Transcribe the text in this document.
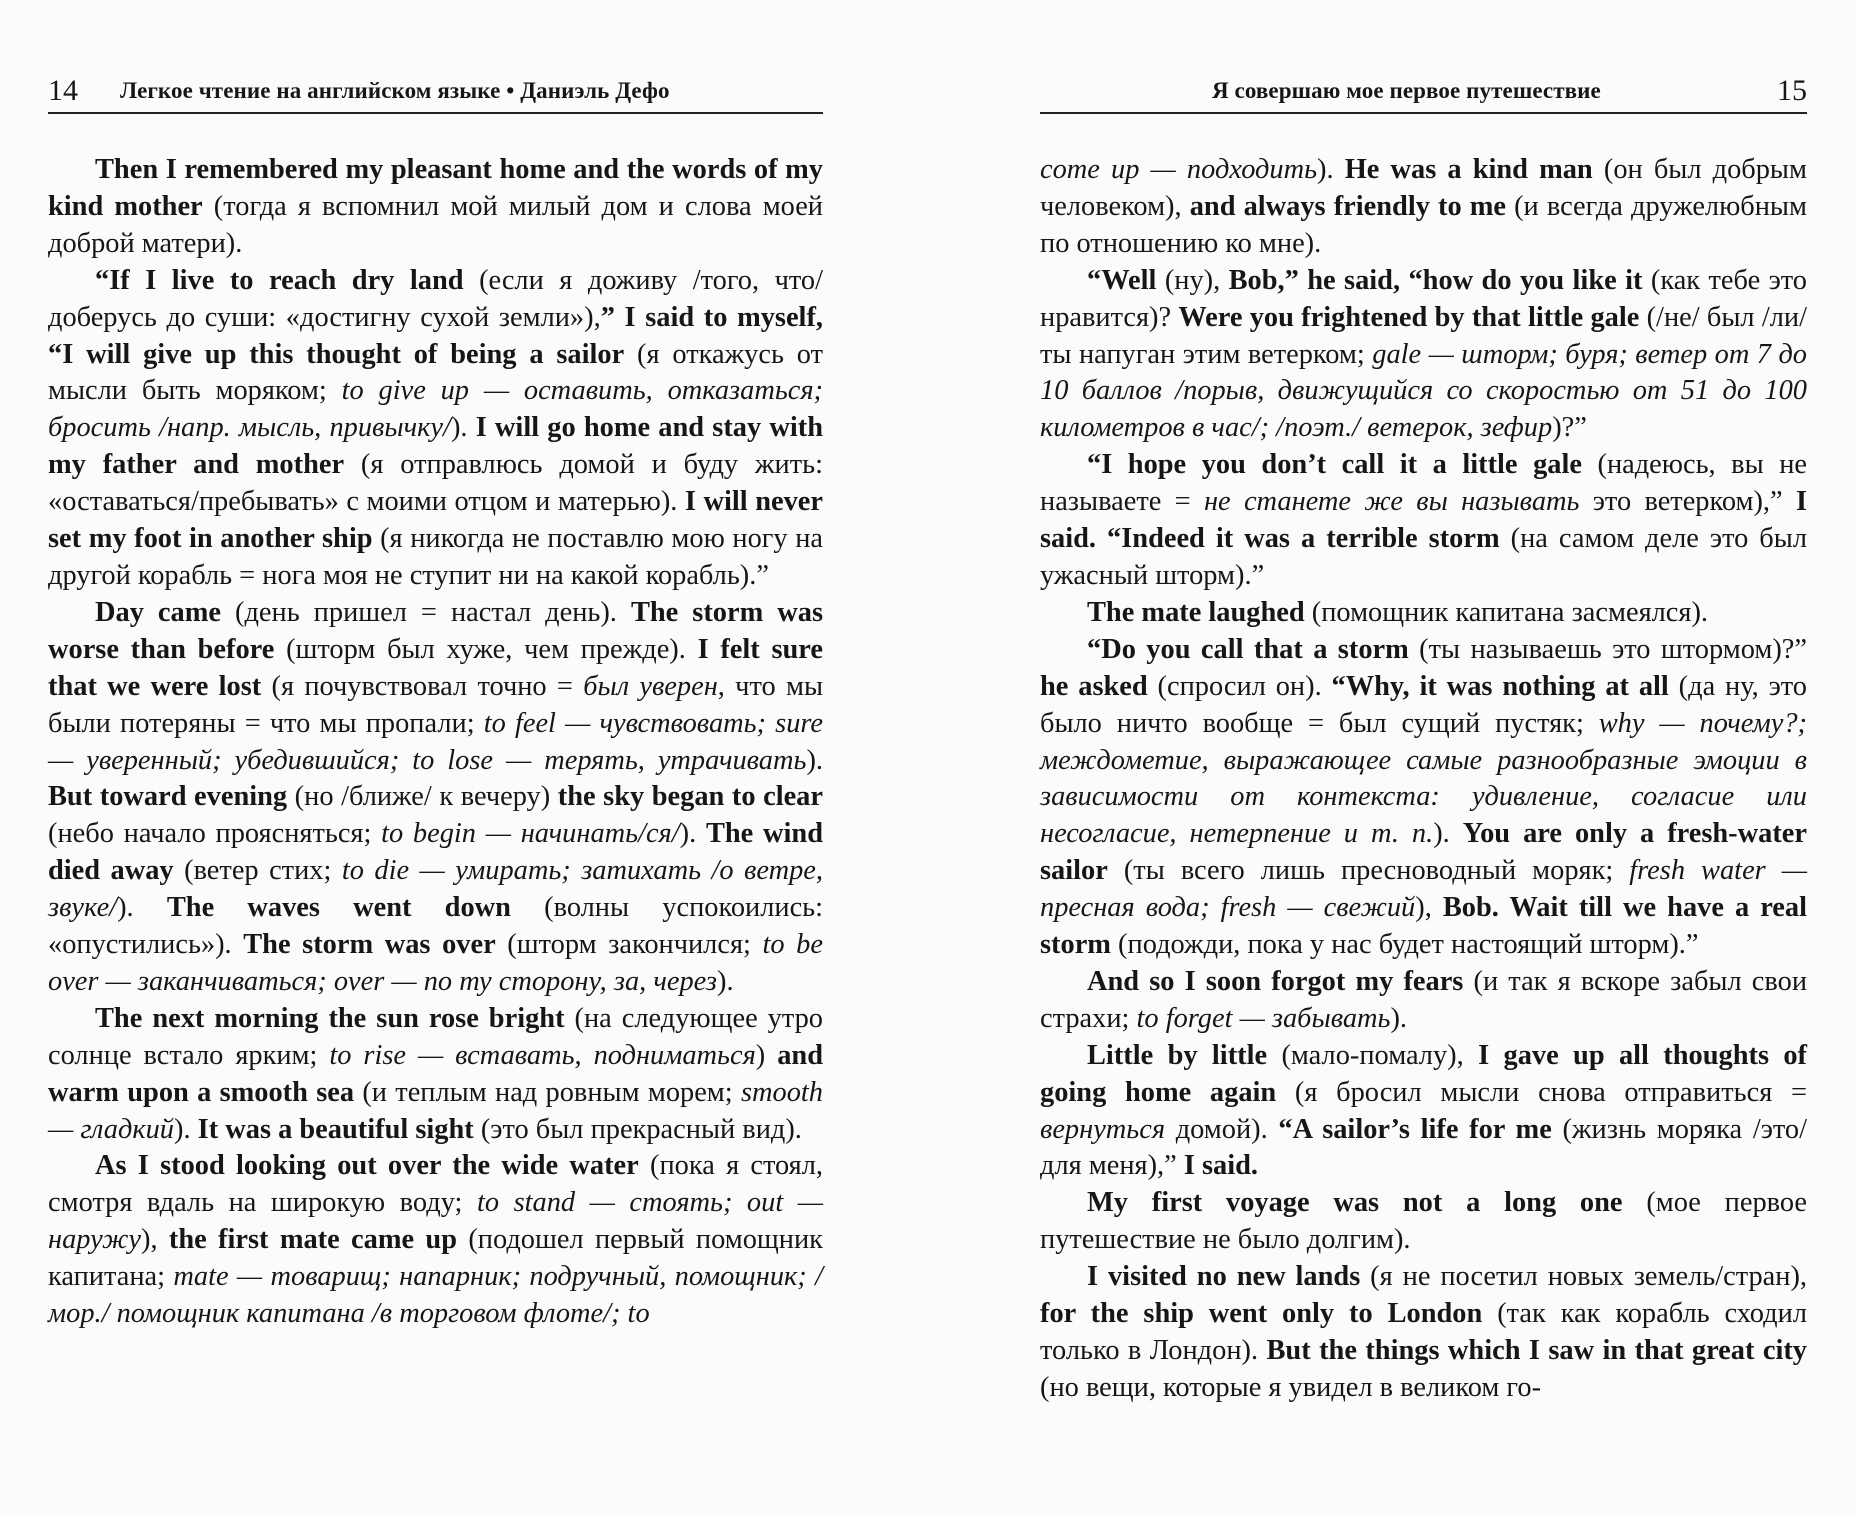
14 Легкое чтение на английском языке • Даниэль Дефо

Then I remembered my pleasant home and the words of my kind mother (тогда я вспомнил мой милый дом и слова моей доброй матери).

“If I live to reach dry land (если я доживу /того, что/ доберусь до суши: «достигну сухой земли»),” I said to myself, “I will give up this thought of being a sailor (я откажусь от мысли быть моряком; to give up — оставить, отказаться; бросить /напр. мысль, привычку/). I will go home and stay with my father and mother (я отправлюсь домой и буду жить: «оставаться/пребывать» с моими отцом и матерью). I will never set my foot in another ship (я никогда не поставлю мою ногу на другой корабль = нога моя не ступит ни на какой корабль).”

Day came (день пришел = настал день). The storm was worse than before (шторм был хуже, чем прежде). I felt sure that we were lost (я почувствовал точно = был уверен, что мы были потеряны = что мы пропали; to feel — чувствовать; sure — уверенный; убедившийся; to lose — терять, утрачивать). But toward evening (но /ближе/ к вечеру) the sky began to clear (небо начало проясняться; to begin — начинать/ся/). The wind died away (ветер стих; to die — умирать; затихать /о ветре, звуке/). The waves went down (волны успокоились: «опустились»). The storm was over (шторм закончился; to be over — заканчиваться; over — по ту сторону, за, через).

The next morning the sun rose bright (на следующее утро солнце встало ярким; to rise — вставать, подниматься) and warm upon a smooth sea (и теплым над ровным морем; smooth — гладкий). It was a beautiful sight (это был прекрасный вид).

As I stood looking out over the wide water (пока я стоял, смотря вдаль на широкую воду; to stand — стоять; out — наружу), the first mate came up (подошел первый помощник капитана; mate — товарищ; напарник; подручный, помощник; /мор./ помощник капитана /в торговом флоте/; to

Я совершаю мое первое путешествие	15

come up — подходить). He was a kind man (он был добрым человеком), and always friendly to me (и всегда дружелюбным по отношению ко мне).

“Well (ну), Bob,” he said, “how do you like it (как тебе это нравится)? Were you frightened by that little gale (/не/ был /ли/ ты напуган этим ветерком; gale — шторм; буря; ветер от 7 до 10 баллов /порыв, движущийся со скоростью от 51 до 100 километров в час/; /поэт./ ветерок, зефир)?”

“I hope you don’t call it a little gale (надеюсь, вы не называете = не станете же вы называть это ветерком),” I said. “Indeed it was a terrible storm (на самом деле это был ужасный шторм).”

The mate laughed (помощник капитана засмеялся).

“Do you call that a storm (ты называешь это штормом)?” he asked (спросил он). “Why, it was nothing at all (да ну, это было ничто вообще = был сущий пустяк; why — почему?; междометие, выражающее самые разнообразные эмоции в зависимости от контекста: удивление, согласие или несогласие, нетерпение и т. п.). You are only a fresh-water sailor (ты всего лишь пресноводный моряк; fresh water — пресная вода; fresh — свежий), Bob. Wait till we have a real storm (подожди, пока у нас будет настоящий шторм).”

And so I soon forgot my fears (и так я вскоре забыл свои страхи; to forget — забывать).

Little by little (мало-помалу), I gave up all thoughts of going home again (я бросил мысли снова отправиться = вернуться домой). “A sailor’s life for me (жизнь моряка /это/ для меня),” I said.

My first voyage was not a long one (мое первое путешествие не было долгим).

I visited no new lands (я не посетил новых земель/стран), for the ship went only to London (так как корабль сходил только в Лондон). But the things which I saw in that great city (но вещи, которые я увидел в великом го-
